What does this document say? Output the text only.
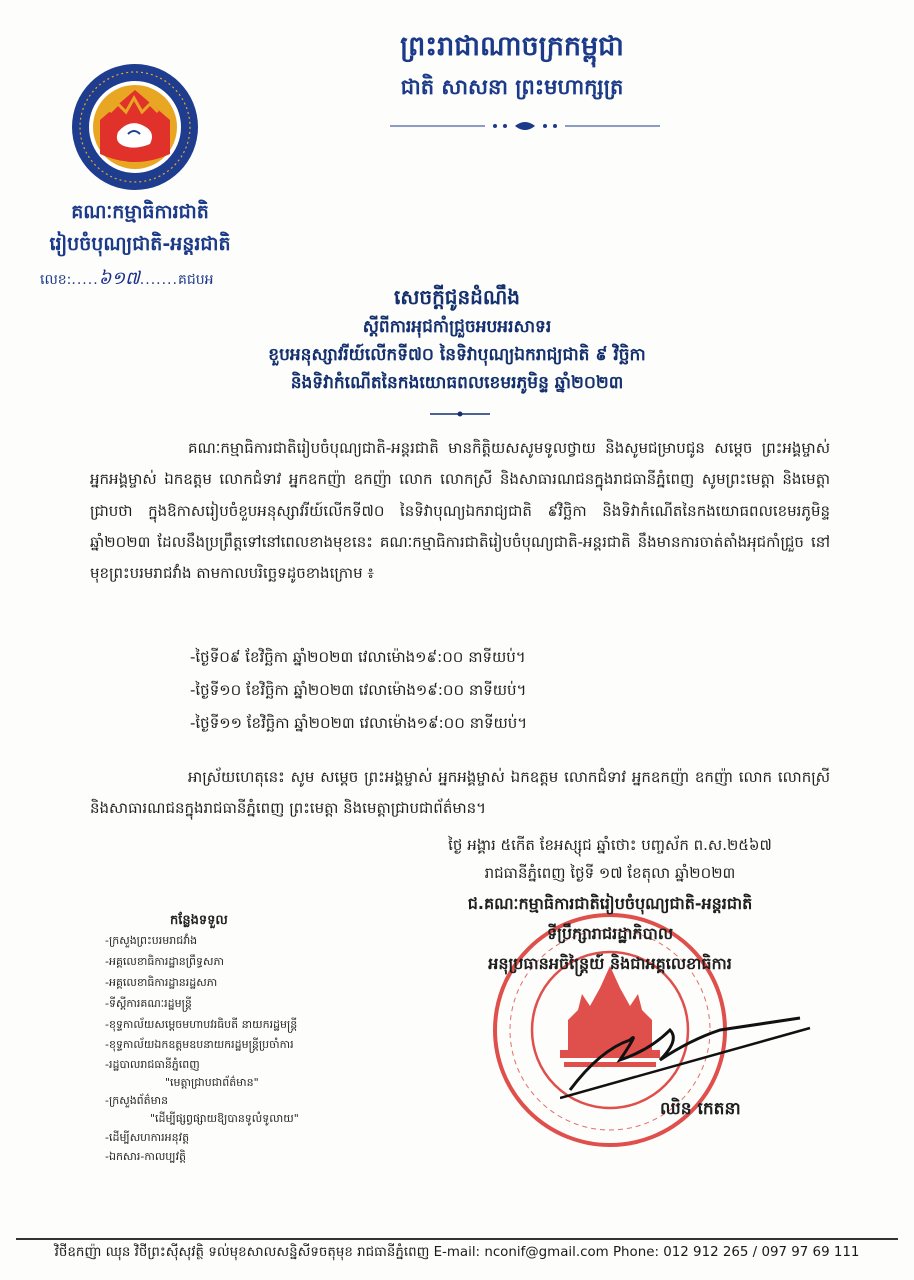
ព្រះរាជាណាចក្រកម្ពុជា
ជាតិ សាសនា ព្រះមហាក្សត្រ
គណៈកម្មាធិការជាតិ
រៀបចំបុណ្យជាតិ-អន្តរជាតិ
លេខ:.....៦១៧.......គជបអ
សេចក្តីជូនដំណឹង
ស្តីពីការអុជកាំជ្រួចអបអរសាទរ
ខួបអនុស្សាវរីយ៍លើកទី៧០ នៃទិវាបុណ្យឯករាជ្យជាតិ ៩ វិច្ឆិកា
និងទិវាកំណើតនៃកងយោធពលខេមរភូមិន្ទ ឆ្នាំ២០២៣
គណៈកម្មាធិការជាតិរៀបចំបុណ្យជាតិ-អន្តរជាតិ មានកិត្តិយសសូមទូលថ្វាយ និងសូមជម្រាបជូន សម្តេច ព្រះអង្គម្ចាស់ អ្នកអង្គម្ចាស់ ឯកឧត្តម លោកជំទាវ អ្នកឧកញ៉ា ឧកញ៉ា លោក លោកស្រី និងសាធារណជនក្នុងរាជធានីភ្នំពេញ សូមព្រះមេត្តា និងមេត្តាជ្រាបថា ក្នុងឱកាសរៀបចំខួបអនុស្សាវរីយ៍លើកទី៧០ នៃទិវាបុណ្យឯករាជ្យជាតិ ៩វិច្ឆិកា និងទិវាកំណើតនៃកងយោធពលខេមរភូមិន្ទ ឆ្នាំ២០២៣ ដែលនឹងប្រព្រឹត្តទៅនៅពេលខាងមុខនេះ គណៈកម្មាធិការជាតិរៀបចំបុណ្យជាតិ-អន្តរជាតិ នឹងមានការចាត់តាំងអុជកាំជ្រួច នៅមុខព្រះបរមរាជវាំង តាមកាលបរិច្ឆេទដូចខាងក្រោម ៖
-ថ្ងៃទី០៩ ខែវិច្ឆិកា ឆ្នាំ២០២៣ វេលាម៉ោង១៩:០០ នាទីយប់។
-ថ្ងៃទី១០ ខែវិច្ឆិកា ឆ្នាំ២០២៣ វេលាម៉ោង១៩:០០ នាទីយប់។
-ថ្ងៃទី១១ ខែវិច្ឆិកា ឆ្នាំ២០២៣ វេលាម៉ោង១៩:០០ នាទីយប់។
អាស្រ័យហេតុនេះ សូម សម្តេច ព្រះអង្គម្ចាស់ អ្នកអង្គម្ចាស់ ឯកឧត្តម លោកជំទាវ អ្នកឧកញ៉ា ឧកញ៉ា លោក លោកស្រី និងសាធារណជនក្នុងរាជធានីភ្នំពេញ ព្រះមេត្តា និងមេត្តាជ្រាបជាព័ត៌មាន។
ថ្ងៃ អង្គារ ៥កើត ខែអស្សុជ ឆ្នាំថោះ បញ្ចស័ក ព.ស.២៥៦៧
រាជធានីភ្នំពេញ ថ្ងៃទី ១៧ ខែតុលា ឆ្នាំ២០២៣
ជ.គណៈកម្មាធិការជាតិរៀបចំបុណ្យជាតិ-អន្តរជាតិ
ទីប្រឹក្សារាជរដ្ឋាភិបាល
អនុប្រធានអចិន្ត្រៃយ៍ និងជាអគ្គលេខាធិការ
ឈិន កេតនា
កន្លែងទទួល
-ក្រសួងព្រះបរមរាជវាំង
-អគ្គលេខាធិការដ្ឋានព្រឹទ្ធសភា
-អគ្គលេខាធិការដ្ឋានរដ្ឋសភា
-ទីស្តីការគណៈរដ្ឋមន្ត្រី
-ខុទ្ទកាល័យសម្តេចមហាបវរធិបតី នាយករដ្ឋមន្ត្រី
-ខុទ្ទកាល័យឯកឧត្តមឧបនាយករដ្ឋមន្ត្រីប្រចាំការ
-រដ្ឋបាលរាជធានីភ្នំពេញ
"មេត្តាជ្រាបជាព័ត៌មាន"
-ក្រសួងព័ត៌មាន
"ដើម្បីផ្សព្វផ្សាយឱ្យបានទូលំទូលាយ"
-ដើម្បីសហការអនុវត្ត
-ឯកសារ-កាលប្បវត្តិ
វិថីឧកញ៉ា ឈុន វិថីព្រះស៊ីសុវត្ថិ ទល់មុខសាលសន្និសីទចតុមុខ រាជធានីភ្នំពេញ E-mail: nconif@gmail.com Phone: 012 912 265 / 097 97 69 111
